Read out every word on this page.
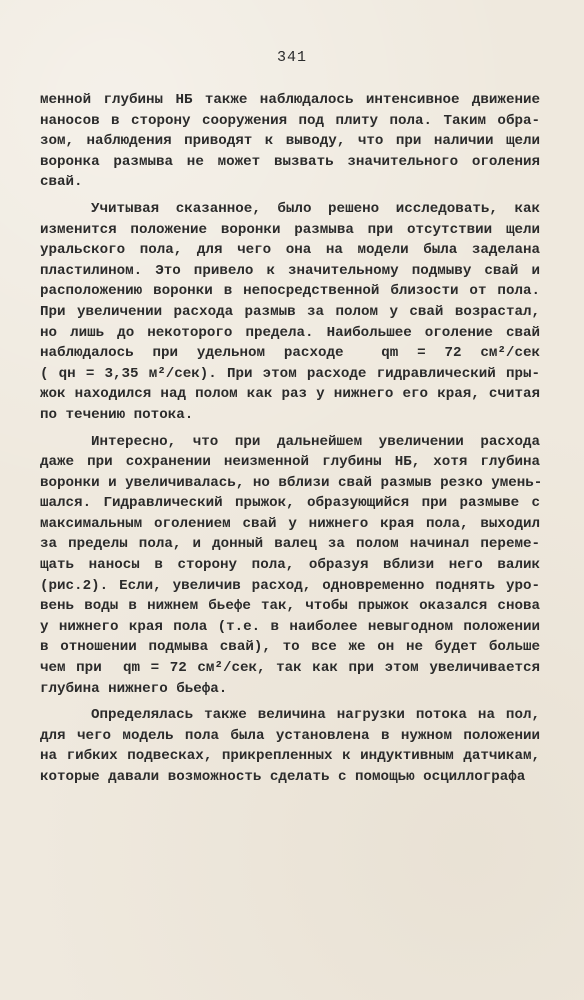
341
менной глубины НБ также наблюдалось интенсивное движение
наносов в сторону сооружения под плиту пола. Таким обра-
зом, наблюдения приводят к выводу, что при наличии щели
воронка размыва не может вызвать значительного оголения
свай.
Учитывая сказанное, было решено исследовать, как
изменится положение воронки размыва при отсутствии щели
уральского пола, для чего она на модели была заделана
пластилином. Это привело к значительному подмыву свай и
расположению воронки в непосредственной близости от пола.
При увеличении расхода размыв за полом у свай возрастал,
но лишь до некоторого предела. Наибольшее оголение свай
наблюдалось при удельном расходе  qm = 72 см²/сек
( qн = 3,35 м²/сек). При этом расходе гидравлический пры-
жок находился над полом как раз у нижнего его края, считая
по течению потока.
Интересно, что при дальнейшем увеличении расхода
даже при сохранении неизменной глубины НБ, хотя глубина
воронки и увеличивалась, но вблизи свай размыв резко умень-
шался. Гидравлический прыжок, образующийся при размыве с
максимальным оголением свай у нижнего края пола, выходил
за пределы пола, и донный валец за полом начинал переме-
щать наносы в сторону пола, образуя вблизи него валик
(рис.2). Если, увеличив расход, одновременно поднять уро-
вень воды в нижнем бьефе так, чтобы прыжок оказался снова
у нижнего края пола (т.е. в наиболее невыгодном положении
в отношении подмыва свай), то все же он не будет больше
чем при  qm = 72 см²/сек, так как при этом увеличивается
глубина нижнего бьефа.
Определялась также величина нагрузки потока на пол,
для чего модель пола была установлена в нужном положении
на гибких подвесках, прикрепленных к индуктивным датчикам,
которые давали возможность сделать с помощью осциллографа
